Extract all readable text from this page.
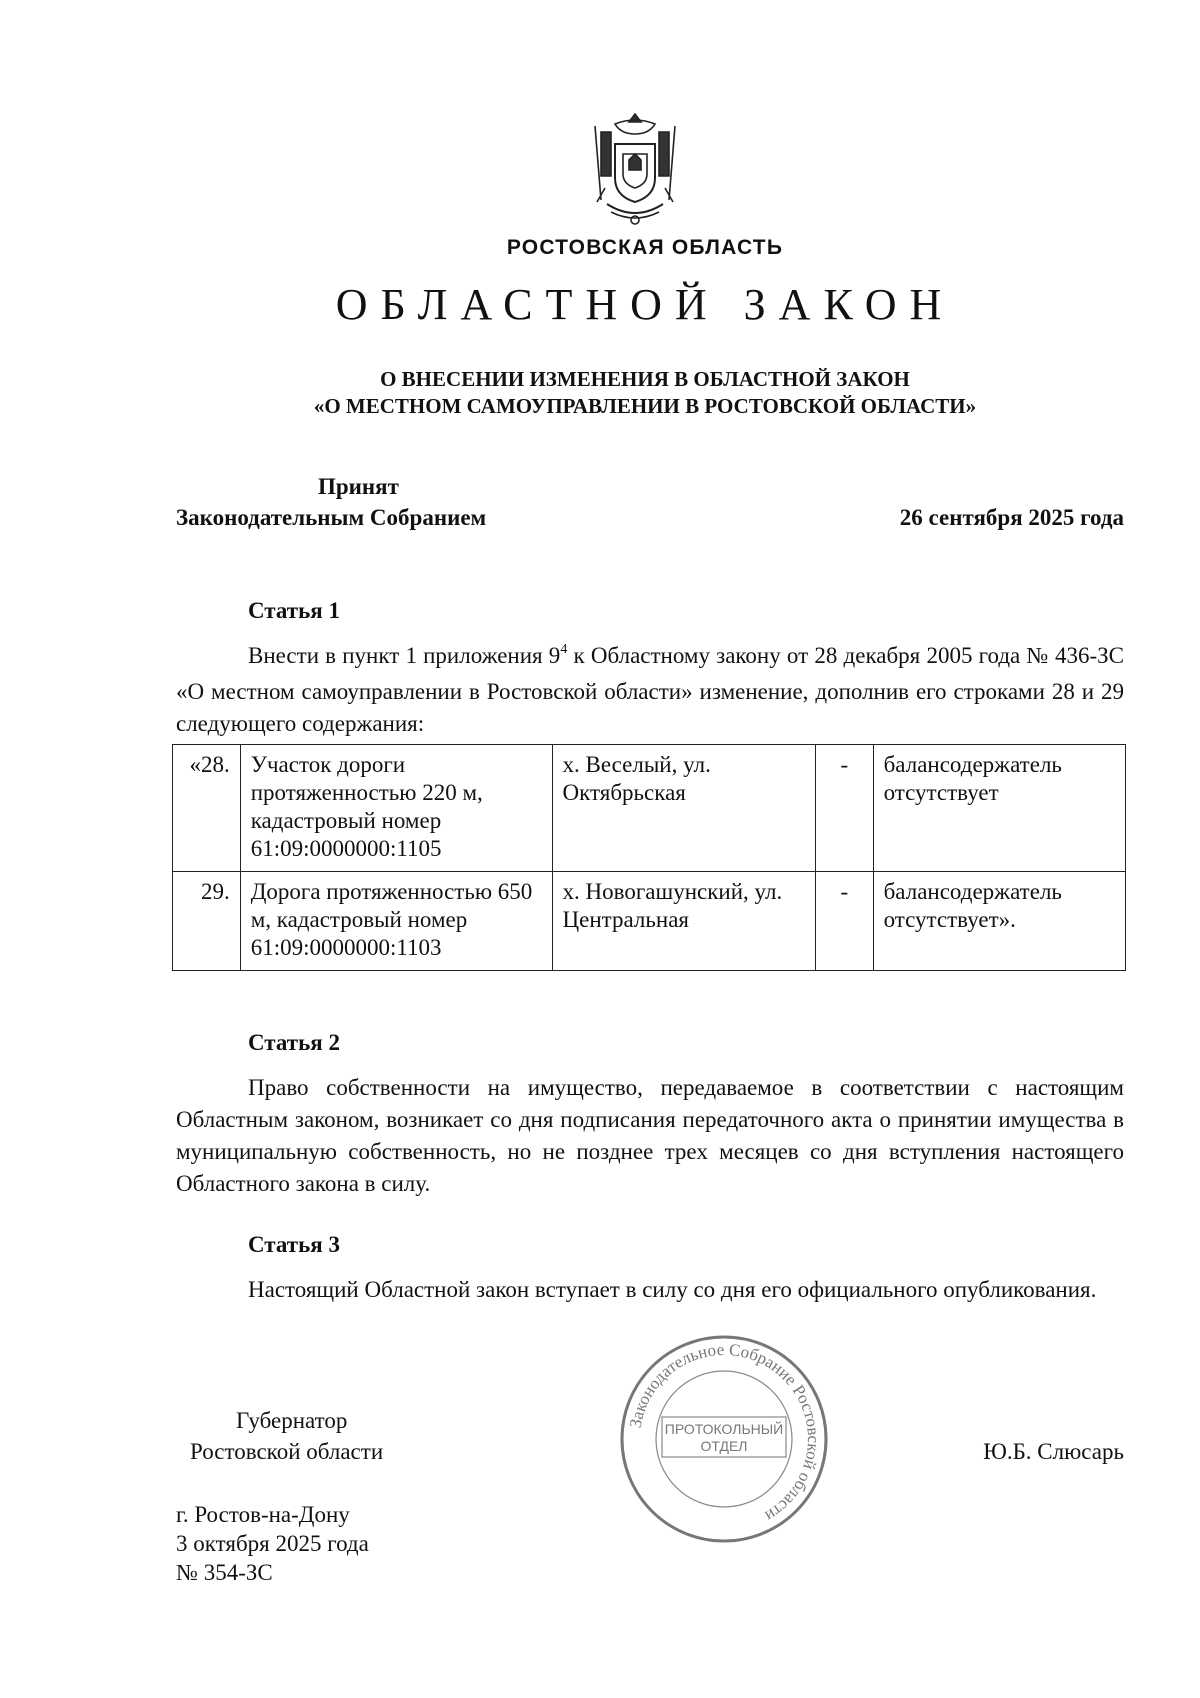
РОСТОВСКАЯ ОБЛАСТЬ
ОБЛАСТНОЙ ЗАКОН
О ВНЕСЕНИИ ИЗМЕНЕНИЯ В ОБЛАСТНОЙ ЗАКОН
«О МЕСТНОМ САМОУПРАВЛЕНИИ В РОСТОВСКОЙ ОБЛАСТИ»
Принят
Законодательным Собранием	26 сентября 2025 года
Статья 1
Внести в пункт 1 приложения $9^4$ к Областному закону от 28 декабря 2005 года № 436-ЗС «О местном самоуправлении в Ростовской области» изменение, дополнив его строками 28 и 29 следующего содержания:
«28.	Участок дороги протяженностью 220 м, кадастровый номер 61:09:0000000:1105	х. Веселый, ул. Октябрьская	-	балансодержатель отсутствует
29.	Дорога протяженностью 650 м, кадастровый номер 61:09:0000000:1103	х. Новогашунский, ул. Центральная	-	балансодержатель отсутствует».
Статья 2
Право собственности на имущество, передаваемое в соответствии с настоящим Областным законом, возникает со дня подписания передаточного акта о принятии имущества в муниципальную собственность, но не позднее трех месяцев со дня вступления настоящего Областного закона в силу.
Статья 3
Настоящий Областной закон вступает в силу со дня его официального опубликования.
Губернатор
Ростовской области	Ю.Б. Слюсарь
Законодательное Собрание Ростовской области
ПРОТОКОЛЬНЫЙ
ОТДЕЛ
г. Ростов-на-Дону
3 октября 2025 года
№ 354-ЗС
